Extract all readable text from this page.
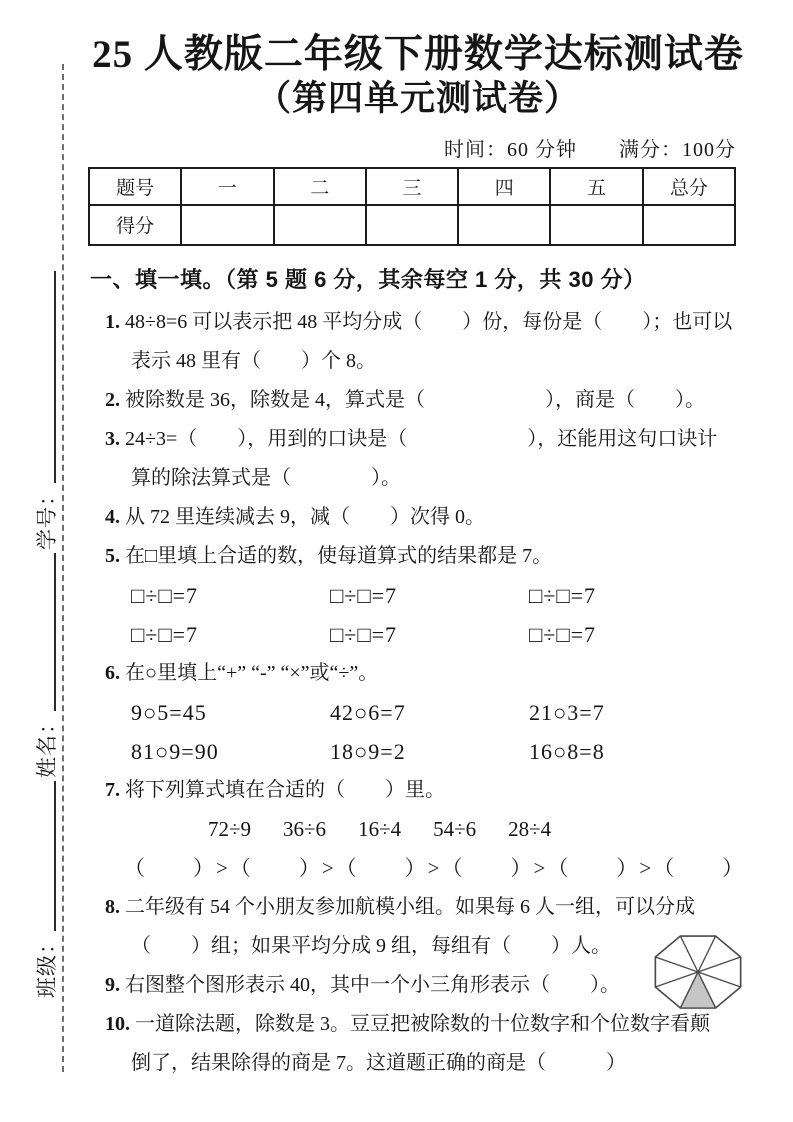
班级：
姓名：
学号：
25 人教版二年级下册数学达标测试卷
（第四单元测试卷）
时间：60 分钟　　满分：100分
题号	一	二	三	四	五	总分
得分						
一、填一填。（第 5 题 6 分，其余每空 1 分，共 30 分）
1. 48÷8=6 可以表示把 48 平均分成（　　）份，每份是（　　）；也可以
表示 48 里有（　　）个 8。
2. 被除数是 36，除数是 4，算式是（　　　　　　），商是（　　）。
3. 24÷3=（　　），用到的口诀是（　　　　　　），还能用这句口诀计
算的除法算式是（　　　　）。
4. 从 72 里连续减去 9，减（　　）次得 0。
5. 在□里填上合适的数，使每道算式的结果都是 7。
□÷□=7	□÷□=7	□÷□=7
□÷□=7	□÷□=7	□÷□=7
6. 在○里填上“+” “-” “×”或“÷”。
9○5=45	42○6=7	21○3=7
81○9=90	18○9=2	16○8=8
7. 将下列算式填在合适的（　　）里。
72÷9 36÷6 16÷4 54÷6 28÷4
（　　）>（　　）>（　　）>（　　）>（　　）>（　　）
8. 二年级有 54 个小朋友参加航模小组。如果每 6 人一组，可以分成
（　　）组；如果平均分成 9 组，每组有（　　）人。
9. 右图整个图形表示 40，其中一个小三角形表示（　　）。
10. 一道除法题，除数是 3。豆豆把被除数的十位数字和个位数字看颠
倒了，结果除得的商是 7。这道题正确的商是（　　　）
